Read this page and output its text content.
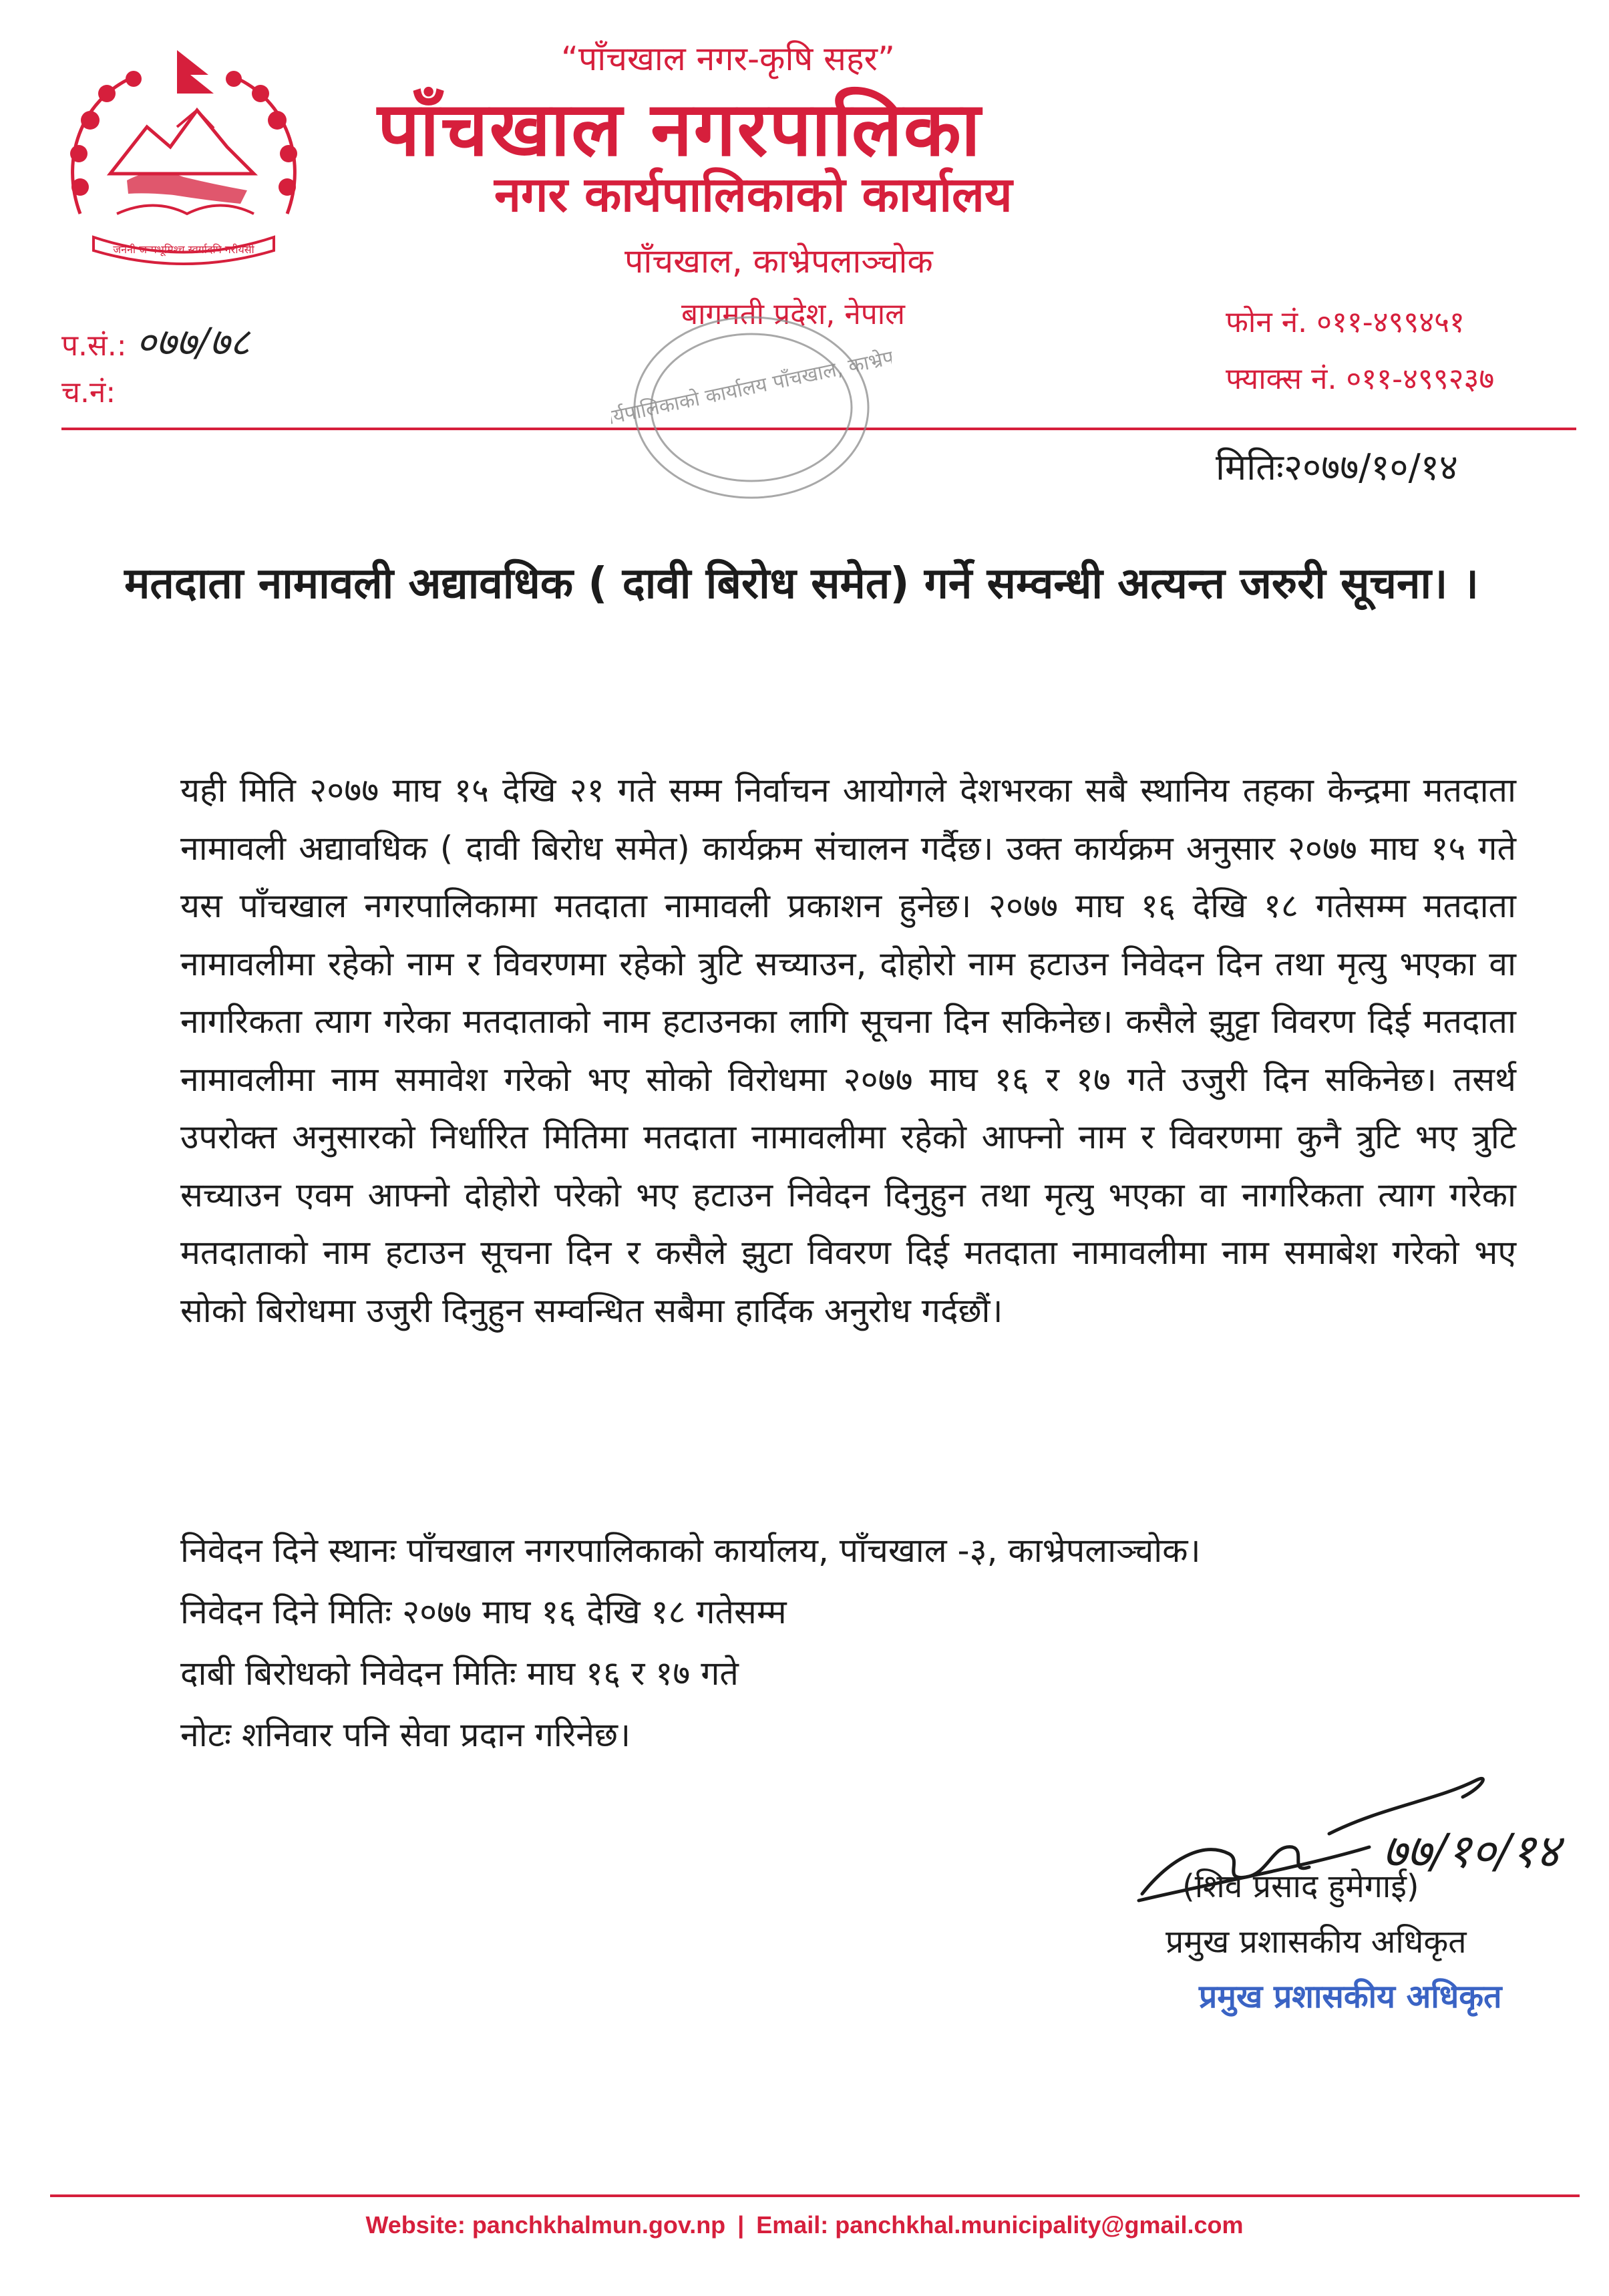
जननी जन्मभूमिश्च स्वर्गादपि गरीयसी
“पाँचखाल नगर-कृषि सहर”
पाँचखाल नगरपालिका
नगर कार्यपालिकाको कार्यालय
पाँचखाल, काभ्रेपलाञ्चोक
बागमती प्रदेश, नेपाल
प.सं.: ०७७/७८
च.नं:
फोन नं. ०११-४९९४५१
फ्याक्स नं. ०११-४९९२३७
कार्यपालिकाको कार्यालय पाँचखाल, काभ्रेपलाञ्चोक
मितिः२०७७/१०/१४
मतदाता नामावली अद्यावधिक ( दावी बिरोध समेत) गर्ने सम्वन्धी अत्यन्त जरुरी सूचना। ।
यही मिति २०७७ माघ १५ देखि २१ गते सम्म निर्वाचन आयोगले देशभरका सबै स्थानिय तहका केन्द्रमा मतदाता नामावली अद्यावधिक ( दावी बिरोध समेत) कार्यक्रम संचालन गर्दैछ। उक्त कार्यक्रम अनुसार २०७७ माघ १५ गते यस पाँचखाल नगरपालिकामा मतदाता नामावली प्रकाशन हुनेछ। २०७७ माघ १६ देखि १८ गतेसम्म मतदाता नामावलीमा रहेको नाम र विवरणमा रहेको त्रुटि सच्याउन, दोहोरो नाम हटाउन निवेदन दिन तथा मृत्यु भएका वा नागरिकता त्याग गरेका मतदाताको नाम हटाउनका लागि सूचना दिन सकिनेछ। कसैले झुट्टा विवरण दिई मतदाता नामावलीमा नाम समावेश गरेको भए सोको विरोधमा २०७७ माघ १६ र १७ गते उजुरी दिन सकिनेछ। तसर्थ उपरोक्त अनुसारको निर्धारित मितिमा मतदाता नामावलीमा रहेको आफ्नो नाम र विवरणमा कुनै त्रुटि भए त्रुटि सच्याउन एवम आफ्नो दोहोरो परेको भए हटाउन निवेदन दिनुहुन तथा मृत्यु भएका वा नागरिकता त्याग गरेका मतदाताको नाम हटाउन सूचना दिन र कसैले झुटा विवरण दिई मतदाता नामावलीमा नाम समाबेश गरेको भए सोको बिरोधमा उजुरी दिनुहुन सम्वन्धित सबैमा हार्दिक अनुरोध गर्दछौं।
निवेदन दिने स्थानः पाँचखाल नगरपालिकाको कार्यालय, पाँचखाल -३, काभ्रेपलाञ्चोक।
निवेदन दिने मितिः २०७७ माघ १६ देखि १८ गतेसम्म
दाबी बिरोधको निवेदन मितिः माघ १६ र १७ गते
नोटः शनिवार पनि सेवा प्रदान गरिनेछ।
७७/१०/१४
(शिव प्रसाद हुमेगाई)
प्रमुख प्रशासकीय अधिकृत
प्रमुख प्रशासकीय अधिकृत
Website: panchkhalmun.gov.np | Email: panchkhal.municipality@gmail.com
